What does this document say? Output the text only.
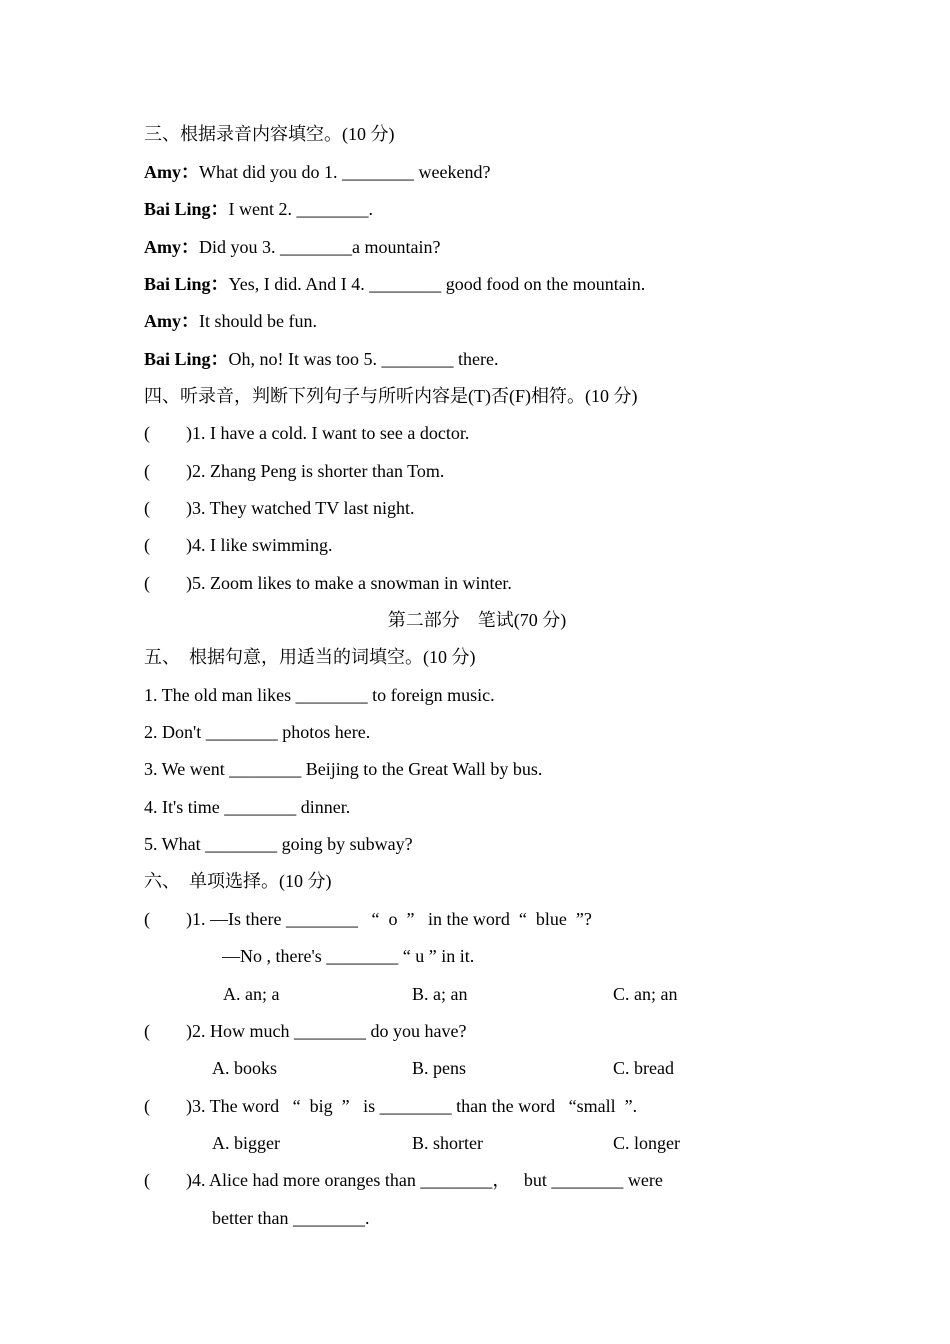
三、根据录音内容填空。(10 分)
Amy：What did you do 1. ________ weekend?
Bai Ling：I went 2. ________.
Amy：Did you 3. ________a mountain?
Bai Ling：Yes, I did. And I 4. ________ good food on the mountain.
Amy：It should be fun.
Bai Ling：Oh, no! It was too 5. ________ there.
四、听录音，判断下列句子与所听内容是(T)否(F)相符。(10 分)
(        )1. I have a cold. I want to see a doctor.
(        )2. Zhang Peng is shorter than Tom.
(        )3. They watched TV last night.
(        )4. I like swimming.
(        )5. Zoom likes to make a snowman in winter.
第二部分    笔试(70 分)
五、  根据句意，用适当的词填空。(10 分)
1. The old man likes ________ to foreign music.
2. Don't ________ photos here.
3. We went ________ Beijing to the Great Wall by bus.
4. It's time ________ dinner.
5. What ________ going by subway?
六、  单项选择。(10 分)
(        )1. —Is there ________   “  o  ”   in the word  “  blue  ”?
—No , there's ________ “ u ” in it.
A. an; a	B. a; an	C. an; an
(        )2. How much ________ do you have?
A. books	B. pens	C. bread
(        )3. The word   “  big  ”   is ________ than the word   “small  ”.
A. bigger	B. shorter	C. longer
(        )4. Alice had more oranges than ________，   but ________ were
better than ________.
